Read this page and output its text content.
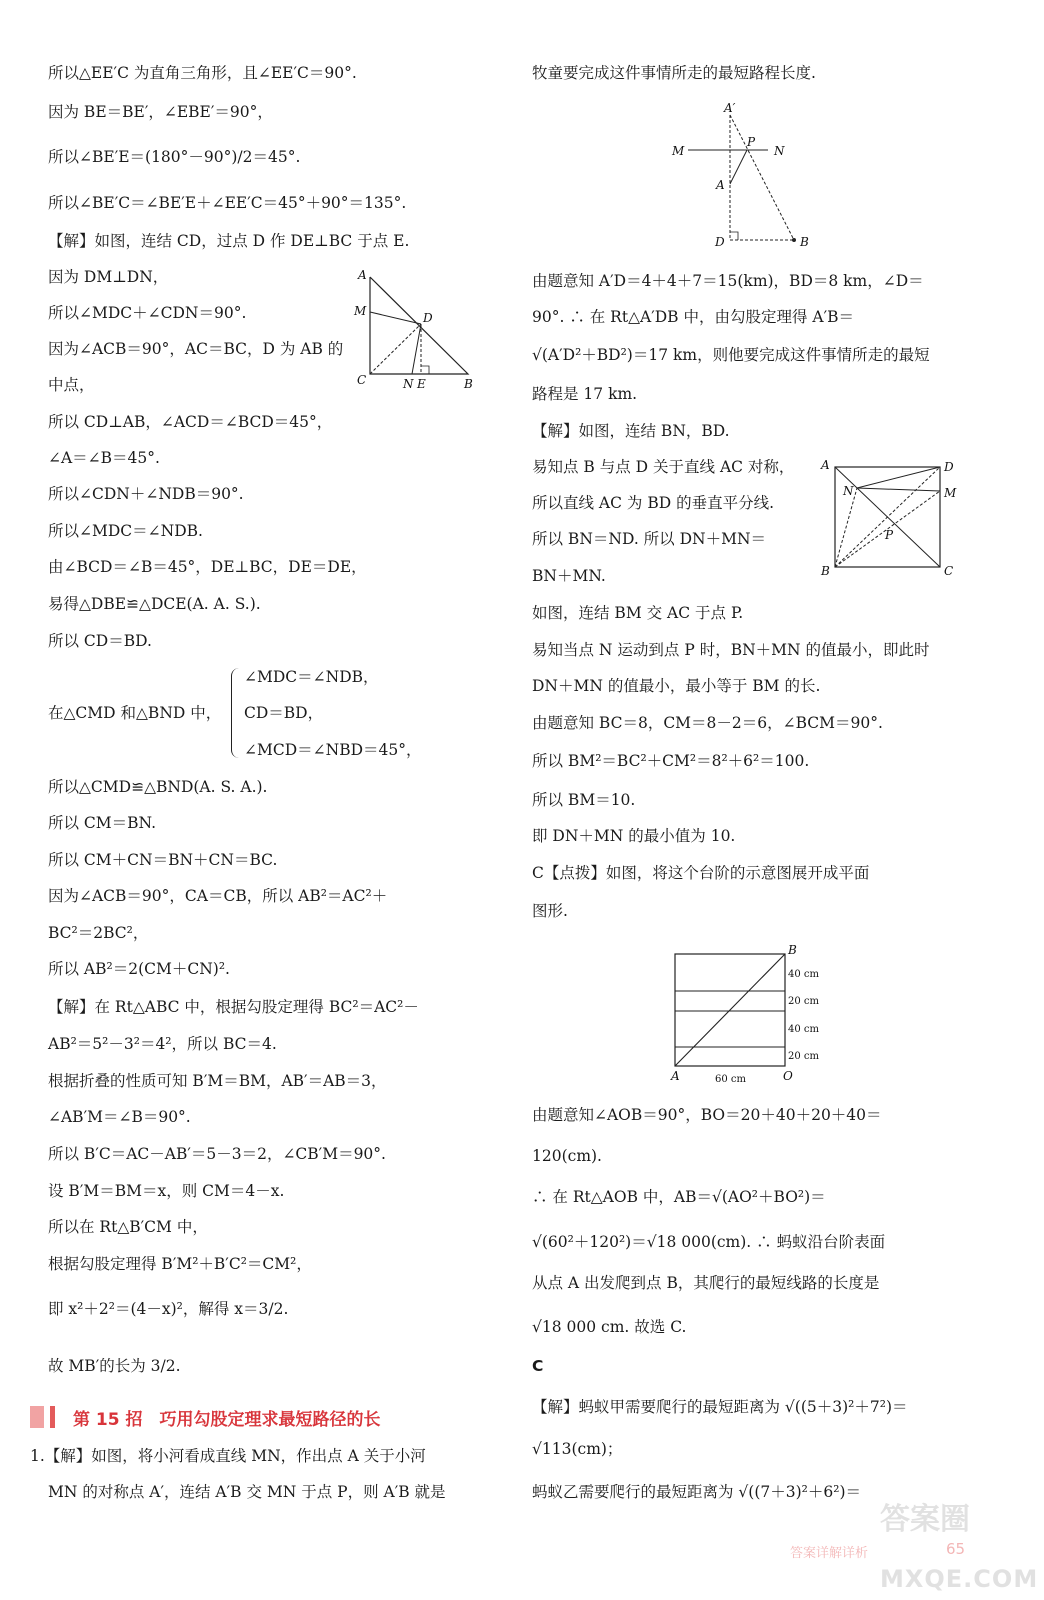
所以△EE′C 为直角三角形，且∠EE′C＝90°.
因为 BE＝BE′，∠EBE′＝90°，
所以∠BE′E＝(180°－90°)/2＝45°.
所以∠BE′C＝∠BE′E＋∠EE′C＝45°＋90°＝135°.
【解】如图，连结 CD，过点 D 作 DE⊥BC 于点 E.
因为 DM⊥DN，
所以∠MDC＋∠CDN＝90°.
因为∠ACB＝90°，AC＝BC，D 为 AB 的
中点，
所以 CD⊥AB，∠ACD＝∠BCD＝45°，
∠A＝∠B＝45°.
所以∠CDN＋∠NDB＝90°.
所以∠MDC＝∠NDB.
由∠BCD＝∠B＝45°，DE⊥BC，DE＝DE，
易得△DBE≌△DCE(A. A. S.).
所以 CD＝BD.
∠MDC＝∠NDB，
在△CMD 和△BND 中， CD＝BD，
∠MCD＝∠NBD＝45°，
所以△CMD≌△BND(A. S. A.).
所以 CM＝BN.
所以 CM＋CN＝BN＋CN＝BC.
因为∠ACB＝90°，CA＝CB，所以 AB²＝AC²＋
BC²＝2BC²，
所以 AB²＝2(CM＋CN)².
【解】在 Rt△ABC 中，根据勾股定理得 BC²＝AC²－
AB²＝5²－3²＝4²，所以 BC＝4.
根据折叠的性质可知 B′M＝BM，AB′＝AB＝3，
∠AB′M＝∠B＝90°.
所以 B′C＝AC－AB′＝5－3＝2，∠CB′M＝90°.
设 B′M＝BM＝x，则 CM＝4－x.
所以在 Rt△B′CM 中，
根据勾股定理得 B′M²＋B′C²＝CM²，
即 x²＋2²＝(4－x)²，解得 x＝3/2.
故 MB′的长为 3/2.
1.【解】如图，将小河看成直线 MN，作出点 A 关于小河
MN 的对称点 A′，连结 A′B 交 MN 于点 P，则 A′B 就是
A
M	D
C	N E	B
第 15 招　巧用勾股定理求最短路径的长
牧童要完成这件事情所走的最短路程长度.
由题意知 A′D＝4＋4＋7＝15(km)，BD＝8 km，∠D＝
90°. ∴ 在 Rt△A′DB 中，由勾股定理得 A′B＝
√(A′D²＋BD²)＝17 km，则他要完成这件事情所走的最短
路程是 17 km.
【解】如图，连结 BN，BD.
易知点 B 与点 D 关于直线 AC 对称，
所以直线 AC 为 BD 的垂直平分线.
所以 BN＝ND. 所以 DN＋MN＝
BN＋MN.
如图，连结 BM 交 AC 于点 P.
易知当点 N 运动到点 P 时，BN＋MN 的值最小，即此时
DN＋MN 的值最小，最小等于 BM 的长.
由题意知 BC＝8，CM＝8－2＝6，∠BCM＝90°.
所以 BM²＝BC²＋CM²＝8²＋6²＝100.
所以 BM＝10.
即 DN＋MN 的最小值为 10.
C【点拨】如图，将这个台阶的示意图展开成平面
图形.
由题意知∠AOB＝90°，BO＝20＋40＋20＋40＝
120(cm).
∴ 在 Rt△AOB 中，AB＝√(AO²＋BO²)＝
√(60²＋120²)＝√18 000(cm). ∴ 蚂蚁沿台阶表面
从点 A 出发爬到点 B，其爬行的最短线路的长度是
√18 000 cm. 故选 C.
C
【解】蚂蚁甲需要爬行的最短距离为 √((5＋3)²＋7²)＝
√113(cm)；
蚂蚁乙需要爬行的最短距离为 √((7＋3)²＋6²)＝
A′
M
P
N
A
D	B
A	D
N	M
P
B	C
B
40 cm
20 cm
40 cm
20 cm
A	60 cm	O
答案详解详析	65
答案圈
MXQE.COM
